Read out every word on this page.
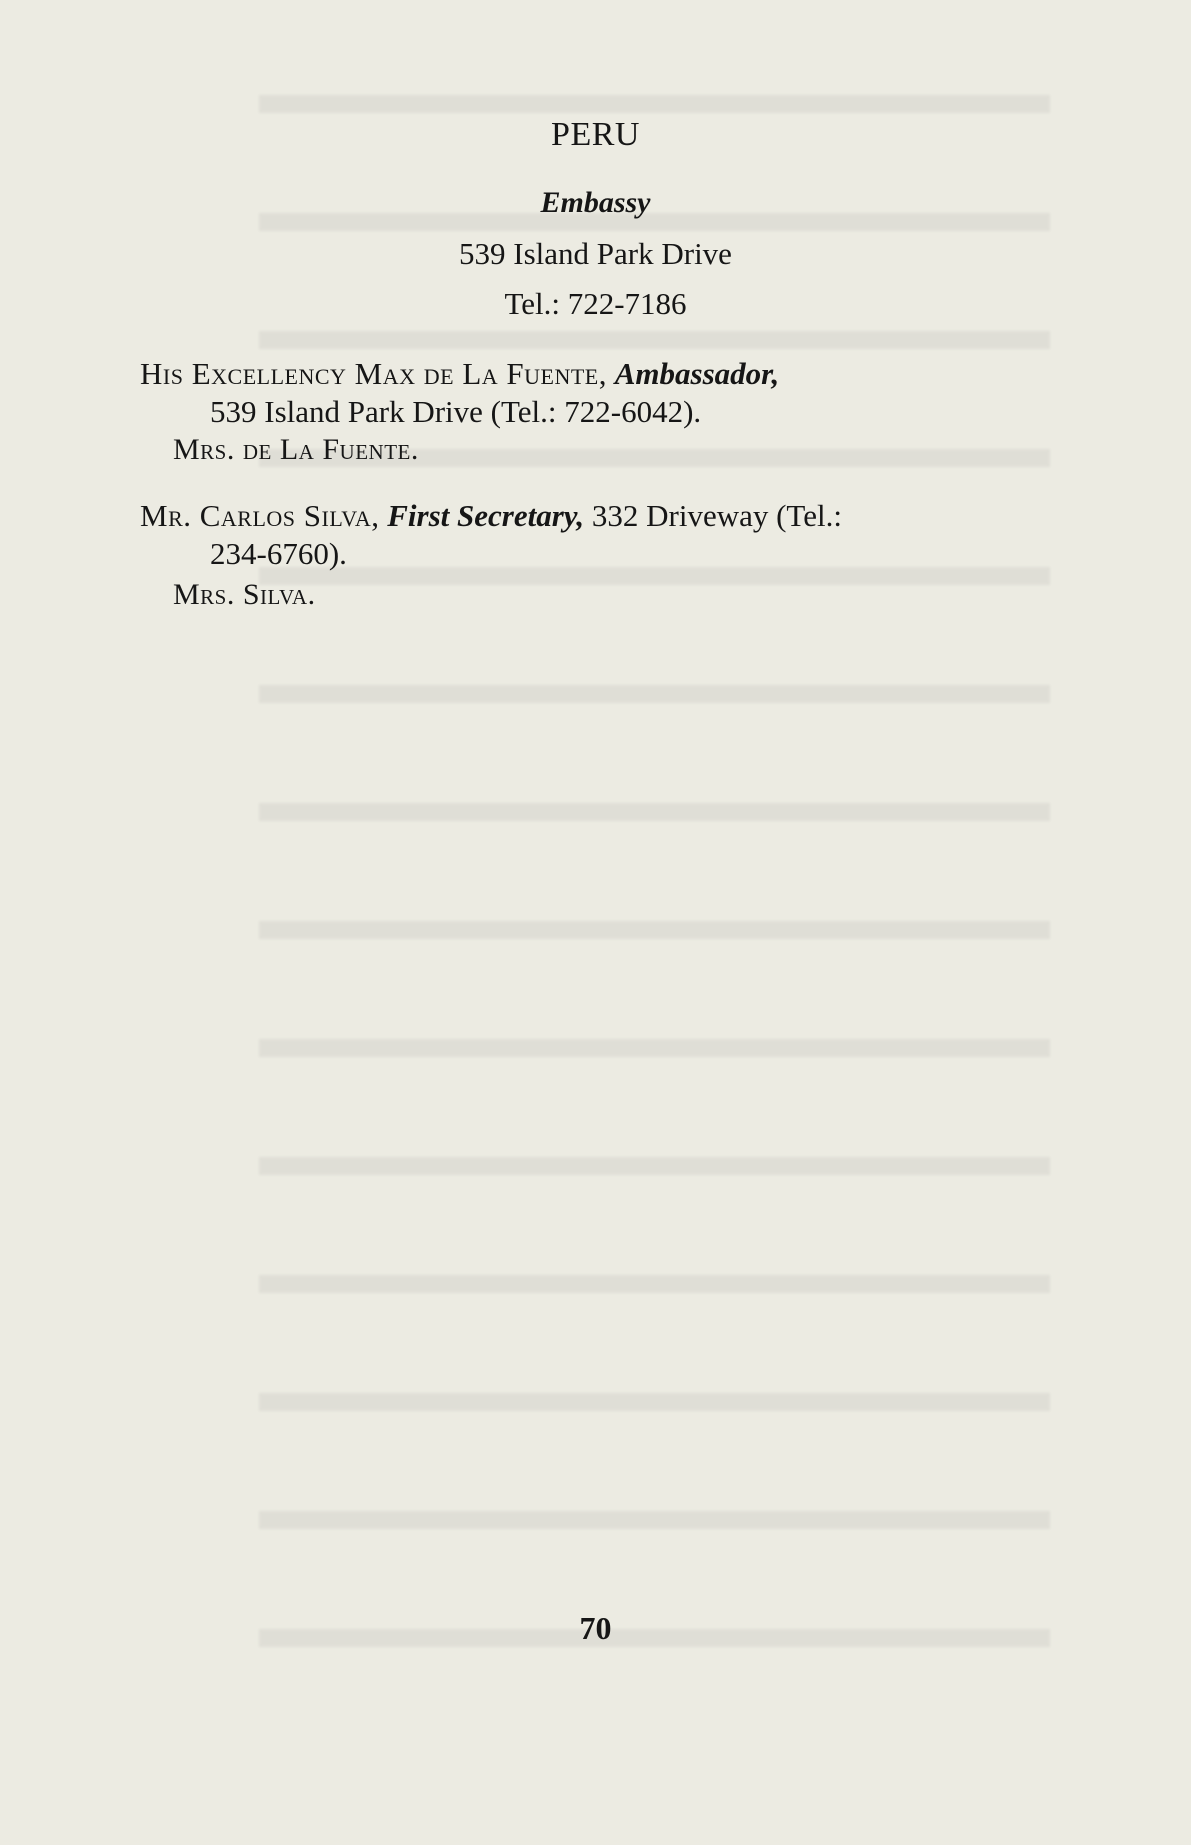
PERU
Embassy
539 Island Park Drive
Tel.: 722-7186
His Excellency Max de La Fuente, Ambassador,
539 Island Park Drive (Tel.: 722-6042).
Mrs. de La Fuente.
Mr. Carlos Silva, First Secretary, 332 Driveway (Tel.:
234-6760).
Mrs. Silva.
70
